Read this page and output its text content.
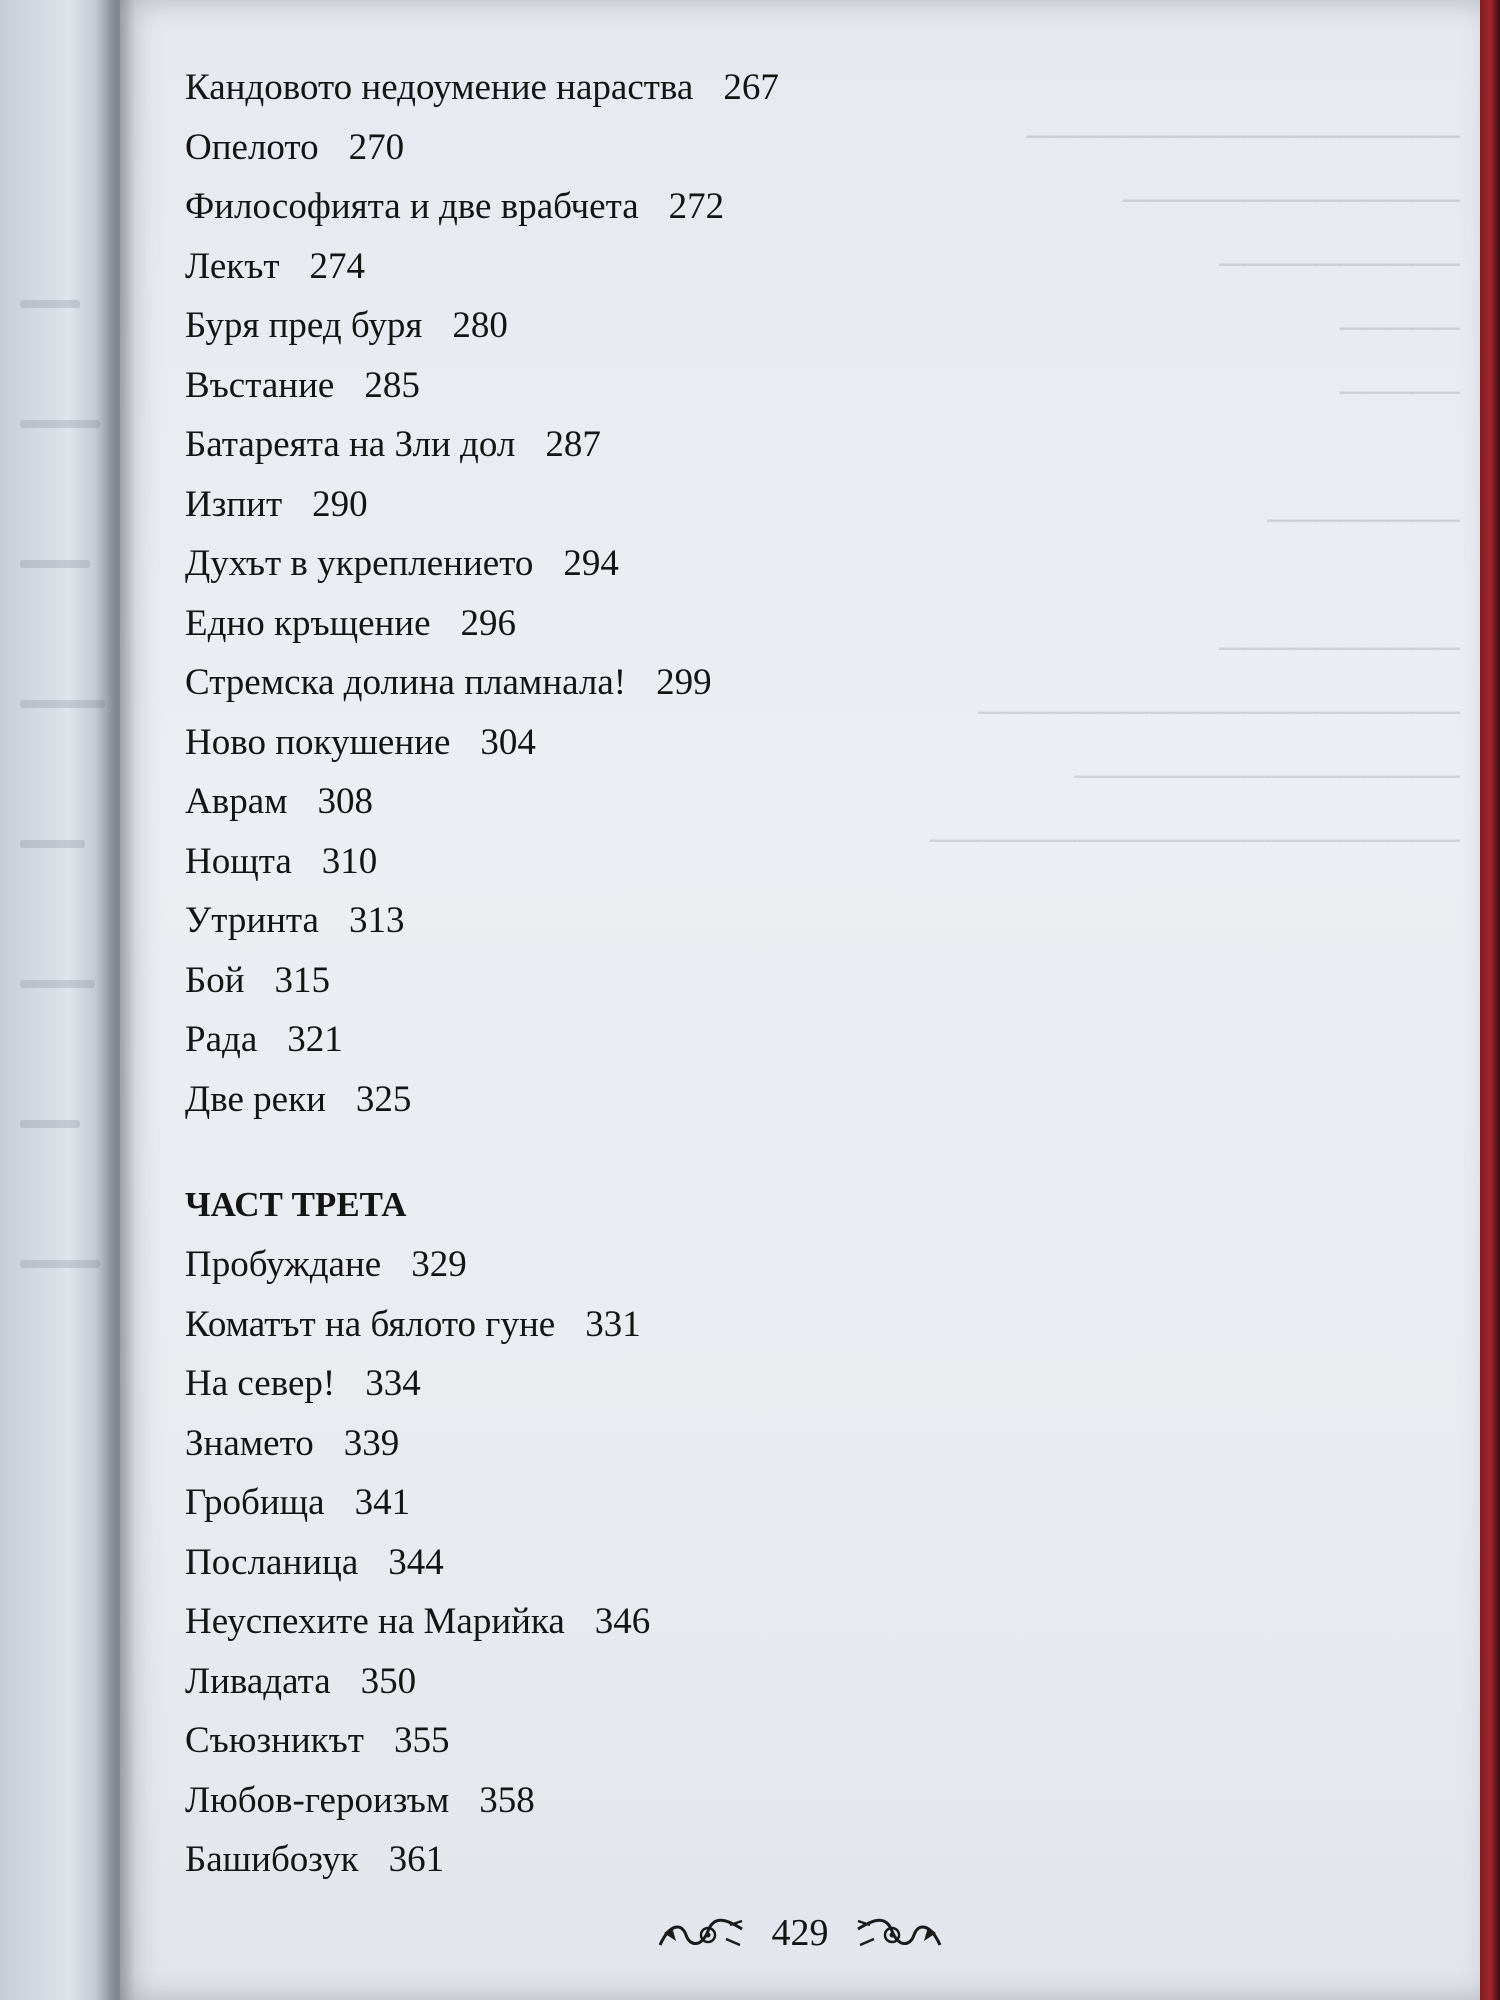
──────────────────
──────────────
──────────
─────
─────
────────
──────────
────────────────────
────────────────
──────────────────────
Кандовото недоумение нараства 267
Опелото 270
Философията и две врабчета 272
Лекът 274
Буря пред буря 280
Въстание 285
Батареята на Зли дол 287
Изпит 290
Духът в укреплението 294
Едно кръщение 296
Стремска долина пламнала! 299
Ново покушение 304
Аврам 308
Нощта 310
Утринта 313
Бой 315
Рада 321
Две реки 325
ЧАСТ ТРЕТА
Пробуждане 329
Коматът на бялото гуне 331
На север! 334
Знамето 339
Гробища 341
Посланица 344
Неуспехите на Марийка 346
Ливадата 350
Съюзникът 355
Любов-героизъм 358
Башибозук 361
429
